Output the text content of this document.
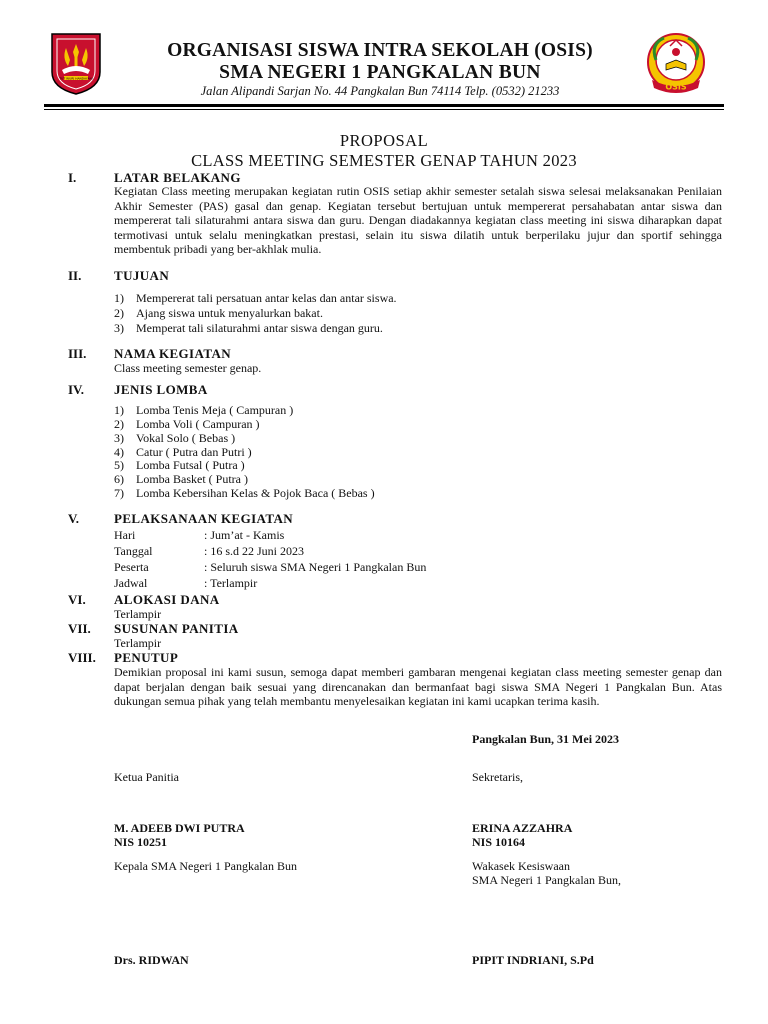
TUT WURI HANDAYANI
OSIS
ORGANISASI SISWA INTRA SEKOLAH (OSIS)
SMA NEGERI 1 PANGKALAN BUN
Jalan Alipandi Sarjan No. 44 Pangkalan Bun 74114 Telp. (0532) 21233
PROPOSAL
CLASS MEETING SEMESTER GENAP TAHUN 2023
I.	LATAR BELAKANG
Kegiatan Class meeting merupakan kegiatan rutin OSIS setiap akhir semester setalah siswa selesai melaksanakan Penilaian Akhir Semester (PAS) gasal dan genap. Kegiatan tersebut bertujuan untuk mempererat persahabatan antar siswa dan mempererat tali silaturahmi antara siswa dan guru. Dengan diadakannya kegiatan class meeting ini siswa diharapkan dapat termotivasi untuk selalu meningkatkan prestasi, selain itu siswa dilatih untuk berperilaku jujur dan sportif sehingga membentuk pribadi yang ber-akhlak mulia.
II.	TUJUAN
1) Mempererat tali persatuan antar kelas dan antar siswa.
2) Ajang siswa untuk menyalurkan bakat.
3) Memperat tali silaturahmi antar siswa dengan guru.
III. NAMA KEGIATAN
Class meeting semester genap.
IV. JENIS LOMBA
1) Lomba Tenis Meja ( Campuran )
2) Lomba Voli ( Campuran )
3) Vokal Solo ( Bebas )
4) Catur ( Putra dan Putri )
5) Lomba Futsal ( Putra )
6) Lomba Basket ( Putra )
7) Lomba Kebersihan Kelas & Pojok Baca ( Bebas )
V.	PELAKSANAAN KEGIATAN
Hari	: Jum’at - Kamis
Tanggal	: 16 s.d 22 Juni 2023
Peserta	: Seluruh siswa SMA Negeri 1 Pangkalan Bun
Jadwal	: Terlampir
VI. ALOKASI DANA
Terlampir
VII. SUSUNAN PANITIA
Terlampir
VIII. PENUTUP
Demikian proposal ini kami susun, semoga dapat memberi gambaran mengenai kegiatan class meeting semester genap dan dapat berjalan dengan baik sesuai yang direncanakan dan bermanfaat bagi siswa SMA Negeri 1 Pangkalan Bun. Atas dukungan semua pihak yang telah membantu menyelesaikan kegiatan ini kami ucapkan terima kasih.
Pangkalan Bun, 31 Mei 2023
Ketua Panitia	Sekretaris,
M. ADEEB DWI PUTRA
NIS 10251
ERINA AZZAHRA
NIS 10164
Kepala SMA Negeri 1 Pangkalan Bun	Wakasek Kesiswaan
SMA Negeri 1 Pangkalan Bun,
Drs. RIDWAN	PIPIT INDRIANI, S.Pd
